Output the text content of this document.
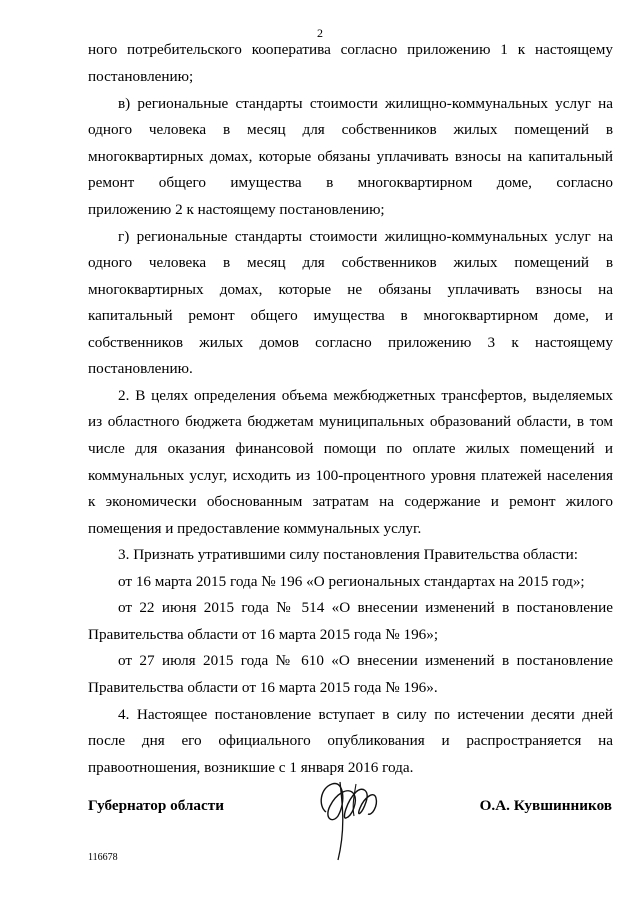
2
ного потребительского кооператива согласно приложению 1 к настоящему
постановлению;
в) региональные стандарты стоимости жилищно-коммунальных услуг на
одного человека в месяц для собственников жилых помещений в
многоквартирных домах, которые обязаны уплачивать взносы на капитальный
ремонт общего имущества в многоквартирном доме, согласно
приложению 2 к настоящему постановлению;
г) региональные стандарты стоимости жилищно-коммунальных услуг на
одного человека в месяц для собственников жилых помещений в
многоквартирных домах, которые не обязаны уплачивать взносы на
капитальный ремонт общего имущества в многоквартирном доме, и
собственников жилых домов согласно приложению 3 к настоящему
постановлению.
2. В целях определения объема межбюджетных трансфертов, выделяемых
из областного бюджета бюджетам муниципальных образований области, в том
числе для оказания финансовой помощи по оплате жилых помещений и
коммунальных услуг, исходить из 100-процентного уровня платежей населения
к экономически обоснованным затратам на содержание и ремонт жилого
помещения и предоставление коммунальных услуг.
3. Признать утратившими силу постановления Правительства области:
от 16 марта 2015 года № 196 «О региональных стандартах на 2015 год»;
от 22 июня 2015 года № 514 «О внесении изменений в постановление
Правительства области от 16 марта 2015 года № 196»;
от 27 июля 2015 года № 610 «О внесении изменений в постановление
Правительства области от 16 марта 2015 года № 196».
4. Настоящее постановление вступает в силу по истечении десяти дней
после дня его официального опубликования и распространяется на
правоотношения, возникшие с 1 января 2016 года.
Губернатор области	О.А. Кувшинников
116678
